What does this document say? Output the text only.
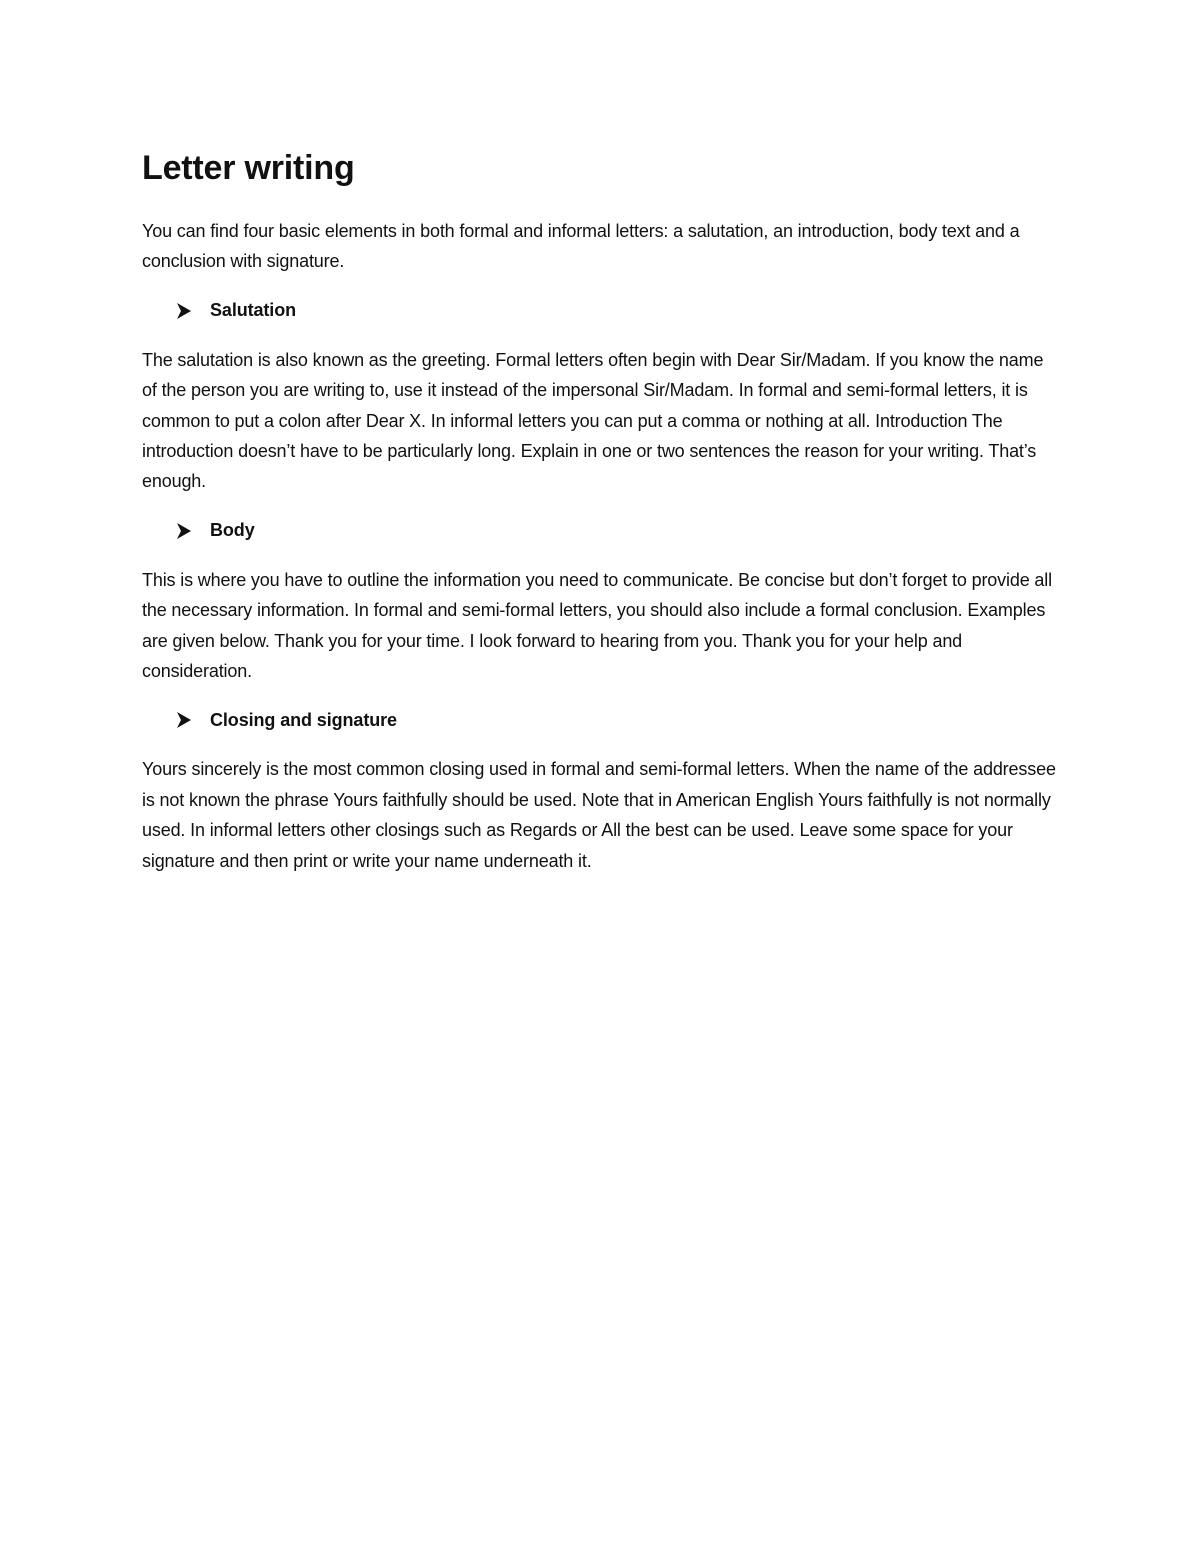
Letter writing

You can find four basic elements in both formal and informal letters: a salutation, an introduction, body text and a conclusion with signature.

Salutation

The salutation is also known as the greeting. Formal letters often begin with Dear Sir/Madam. If you know the name of the person you are writing to, use it instead of the impersonal Sir/Madam. In formal and semi-formal letters, it is common to put a colon after Dear X. In informal letters you can put a comma or nothing at all. Introduction The introduction doesn’t have to be particularly long. Explain in one or two sentences the reason for your writing. That’s enough.

Body

This is where you have to outline the information you need to communicate. Be concise but don’t forget to provide all the necessary information. In formal and semi-formal letters, you should also include a formal conclusion. Examples are given below. Thank you for your time. I look forward to hearing from you. Thank you for your help and consideration.

Closing and signature

Yours sincerely is the most common closing used in formal and semi-formal letters. When the name of the addressee is not known the phrase Yours faithfully should be used. Note that in American English Yours faithfully is not normally used. In informal letters other closings such as Regards or All the best can be used. Leave some space for your signature and then print or write your name underneath it.
